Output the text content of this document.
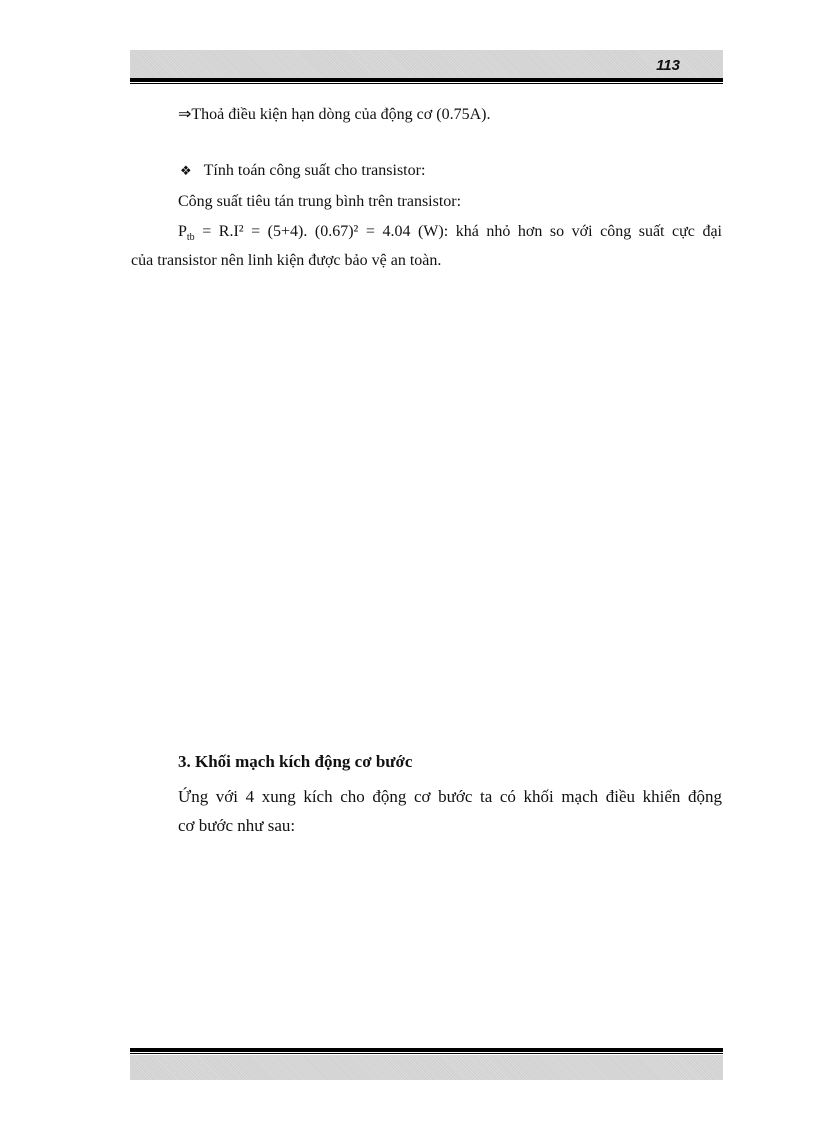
113
⇒Thoả điều kiện hạn dòng của động cơ (0.75A).
❖ Tính toán công suất cho transistor:
Công suất tiêu tán trung bình trên transistor:
$P_{tb} = R.I^2 = (5+4)$. (0.67)² = 4.04 (W): khá nhỏ hơn so với công suất cực đại
của transistor nên linh kiện được bảo vệ an toàn.
3. Khối mạch kích động cơ bước
Ứng với 4 xung kích cho động cơ bước ta có khối mạch điều khiển động
cơ bước như sau:
